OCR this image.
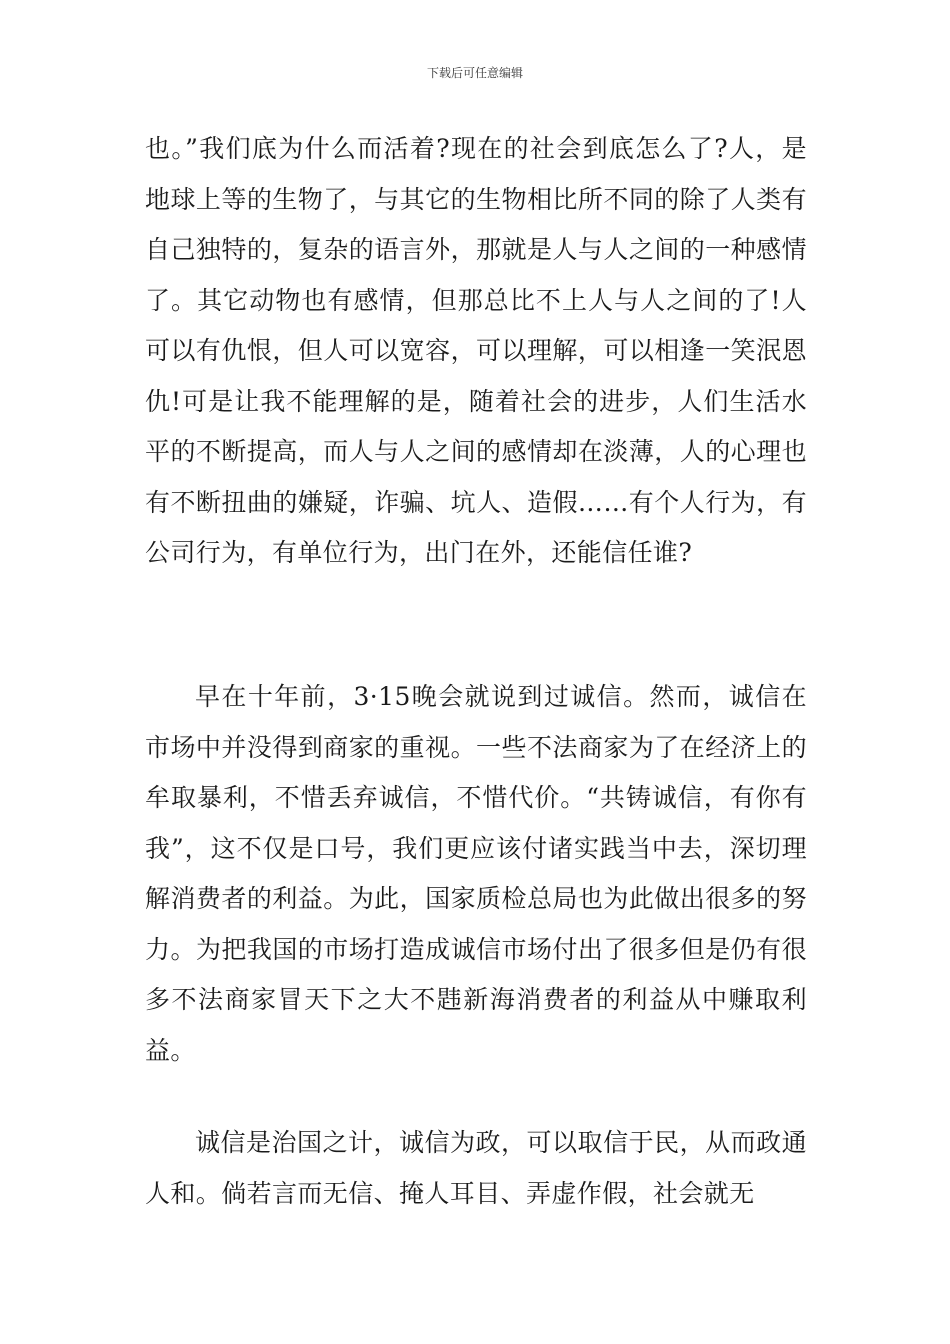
下载后可任意编辑

也。”我们底为什么而活着?现在的社会到底怎么了?人，是地球上等的生物了，与其它的生物相比所不同的除了人类有自己独特的，复杂的语言外，那就是人与人之间的一种感情了。其它动物也有感情，但那总比不上人与人之间的了!人可以有仇恨，但人可以宽容，可以理解，可以相逢一笑泯恩仇!可是让我不能理解的是，随着社会的进步，人们生活水平的不断提高，而人与人之间的感情却在淡薄，人的心理也有不断扭曲的嫌疑，诈骗、坑人、造假……有个人行为，有公司行为，有单位行为，出门在外，还能信任谁?

早在十年前，3·15晚会就说到过诚信。然而，诚信在市场中并没得到商家的重视。一些不法商家为了在经济上的牟取暴利，不惜丢弃诚信，不惜代价。“共铸诚信，有你有我”，这不仅是口号，我们更应该付诸实践当中去，深切理解消费者的利益。为此，国家质检总局也为此做出很多的努力。为把我国的市场打造成诚信市场付出了很多但是仍有很多不法商家冒天下之大不韪新海消费者的利益从中赚取利益。

诚信是治国之计，诚信为政，可以取信于民，从而政通人和。倘若言而无信、掩人耳目、弄虚作假，社会就无
